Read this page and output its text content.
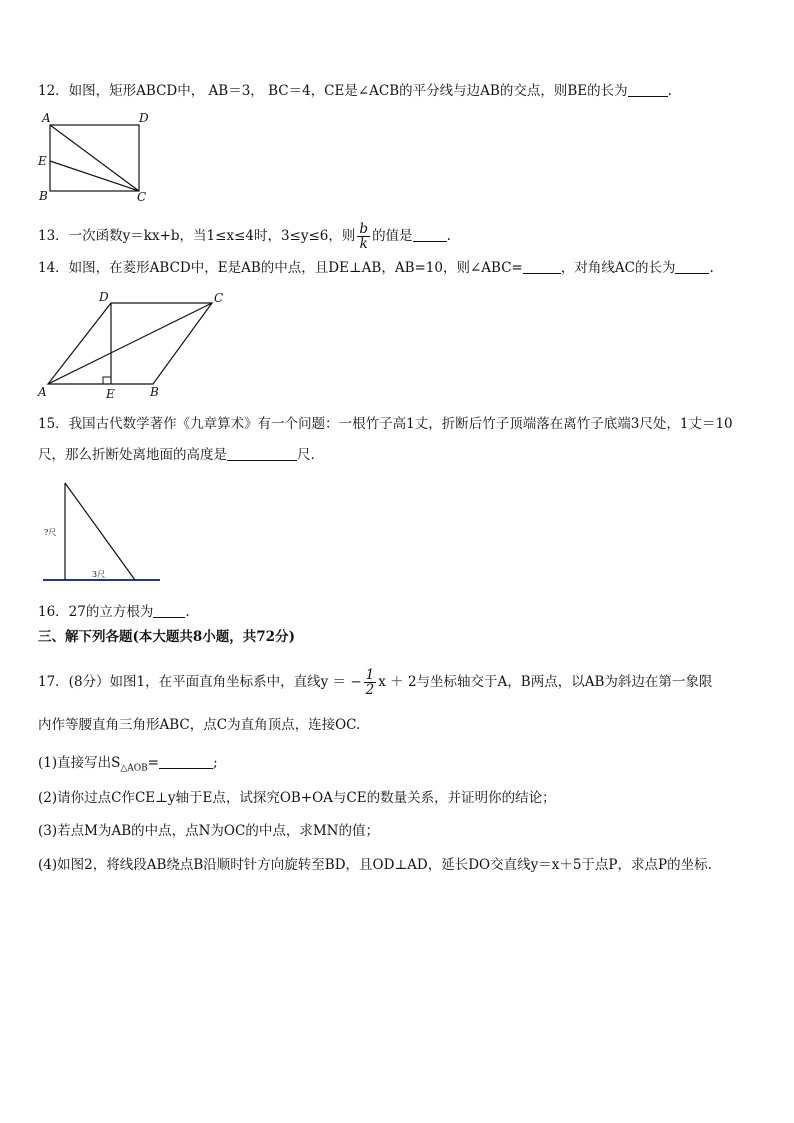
12．如图，矩形ABCD中， AB＝3， BC＝4，CE是∠ACB的平分线与边AB的交点，则BE的长为	.
A	D
E
B	C
13．一次函数y＝kx+b，当1≤x≤4时，3≤y≤6，则 $\frac{b}{k}$ 的值是	.
14．如图，在菱形ABCD中，E是AB的中点，且DE⊥AB，AB=10，则∠ABC=	，对角线AC的长为	.
D	C
A	E	B
15．我国古代数学著作《九章算术》有一个问题：一根竹子高1丈，折断后竹子顶端落在离竹子底端3尺处，1丈＝10
尺，那么折断处离地面的高度是	尺.
?尺
3尺
16．27的立方根为 .
三、解下列各题(本大题共8小题，共72分)
17．(8分）如图1，在平面直角坐标系中，直线y ＝ − $\frac{1}{2}$ x ＋ 2与坐标轴交于A，B两点，以AB为斜边在第一象限
内作等腰直角三角形ABC，点C为直角顶点，连接OC.
(1)直接写出$S_{\triangle AOB}=$	;
(2)请你过点C作CE⊥y轴于E点，试探究OB+OA与CE的数量关系，并证明你的结论；
(3)若点M为AB的中点，点N为OC的中点，求MN的值；
(4)如图2，将线段AB绕点B沿顺时针方向旋转至BD，且OD⊥AD，延长DO交直线y＝x＋5于点P，求点P的坐标.
